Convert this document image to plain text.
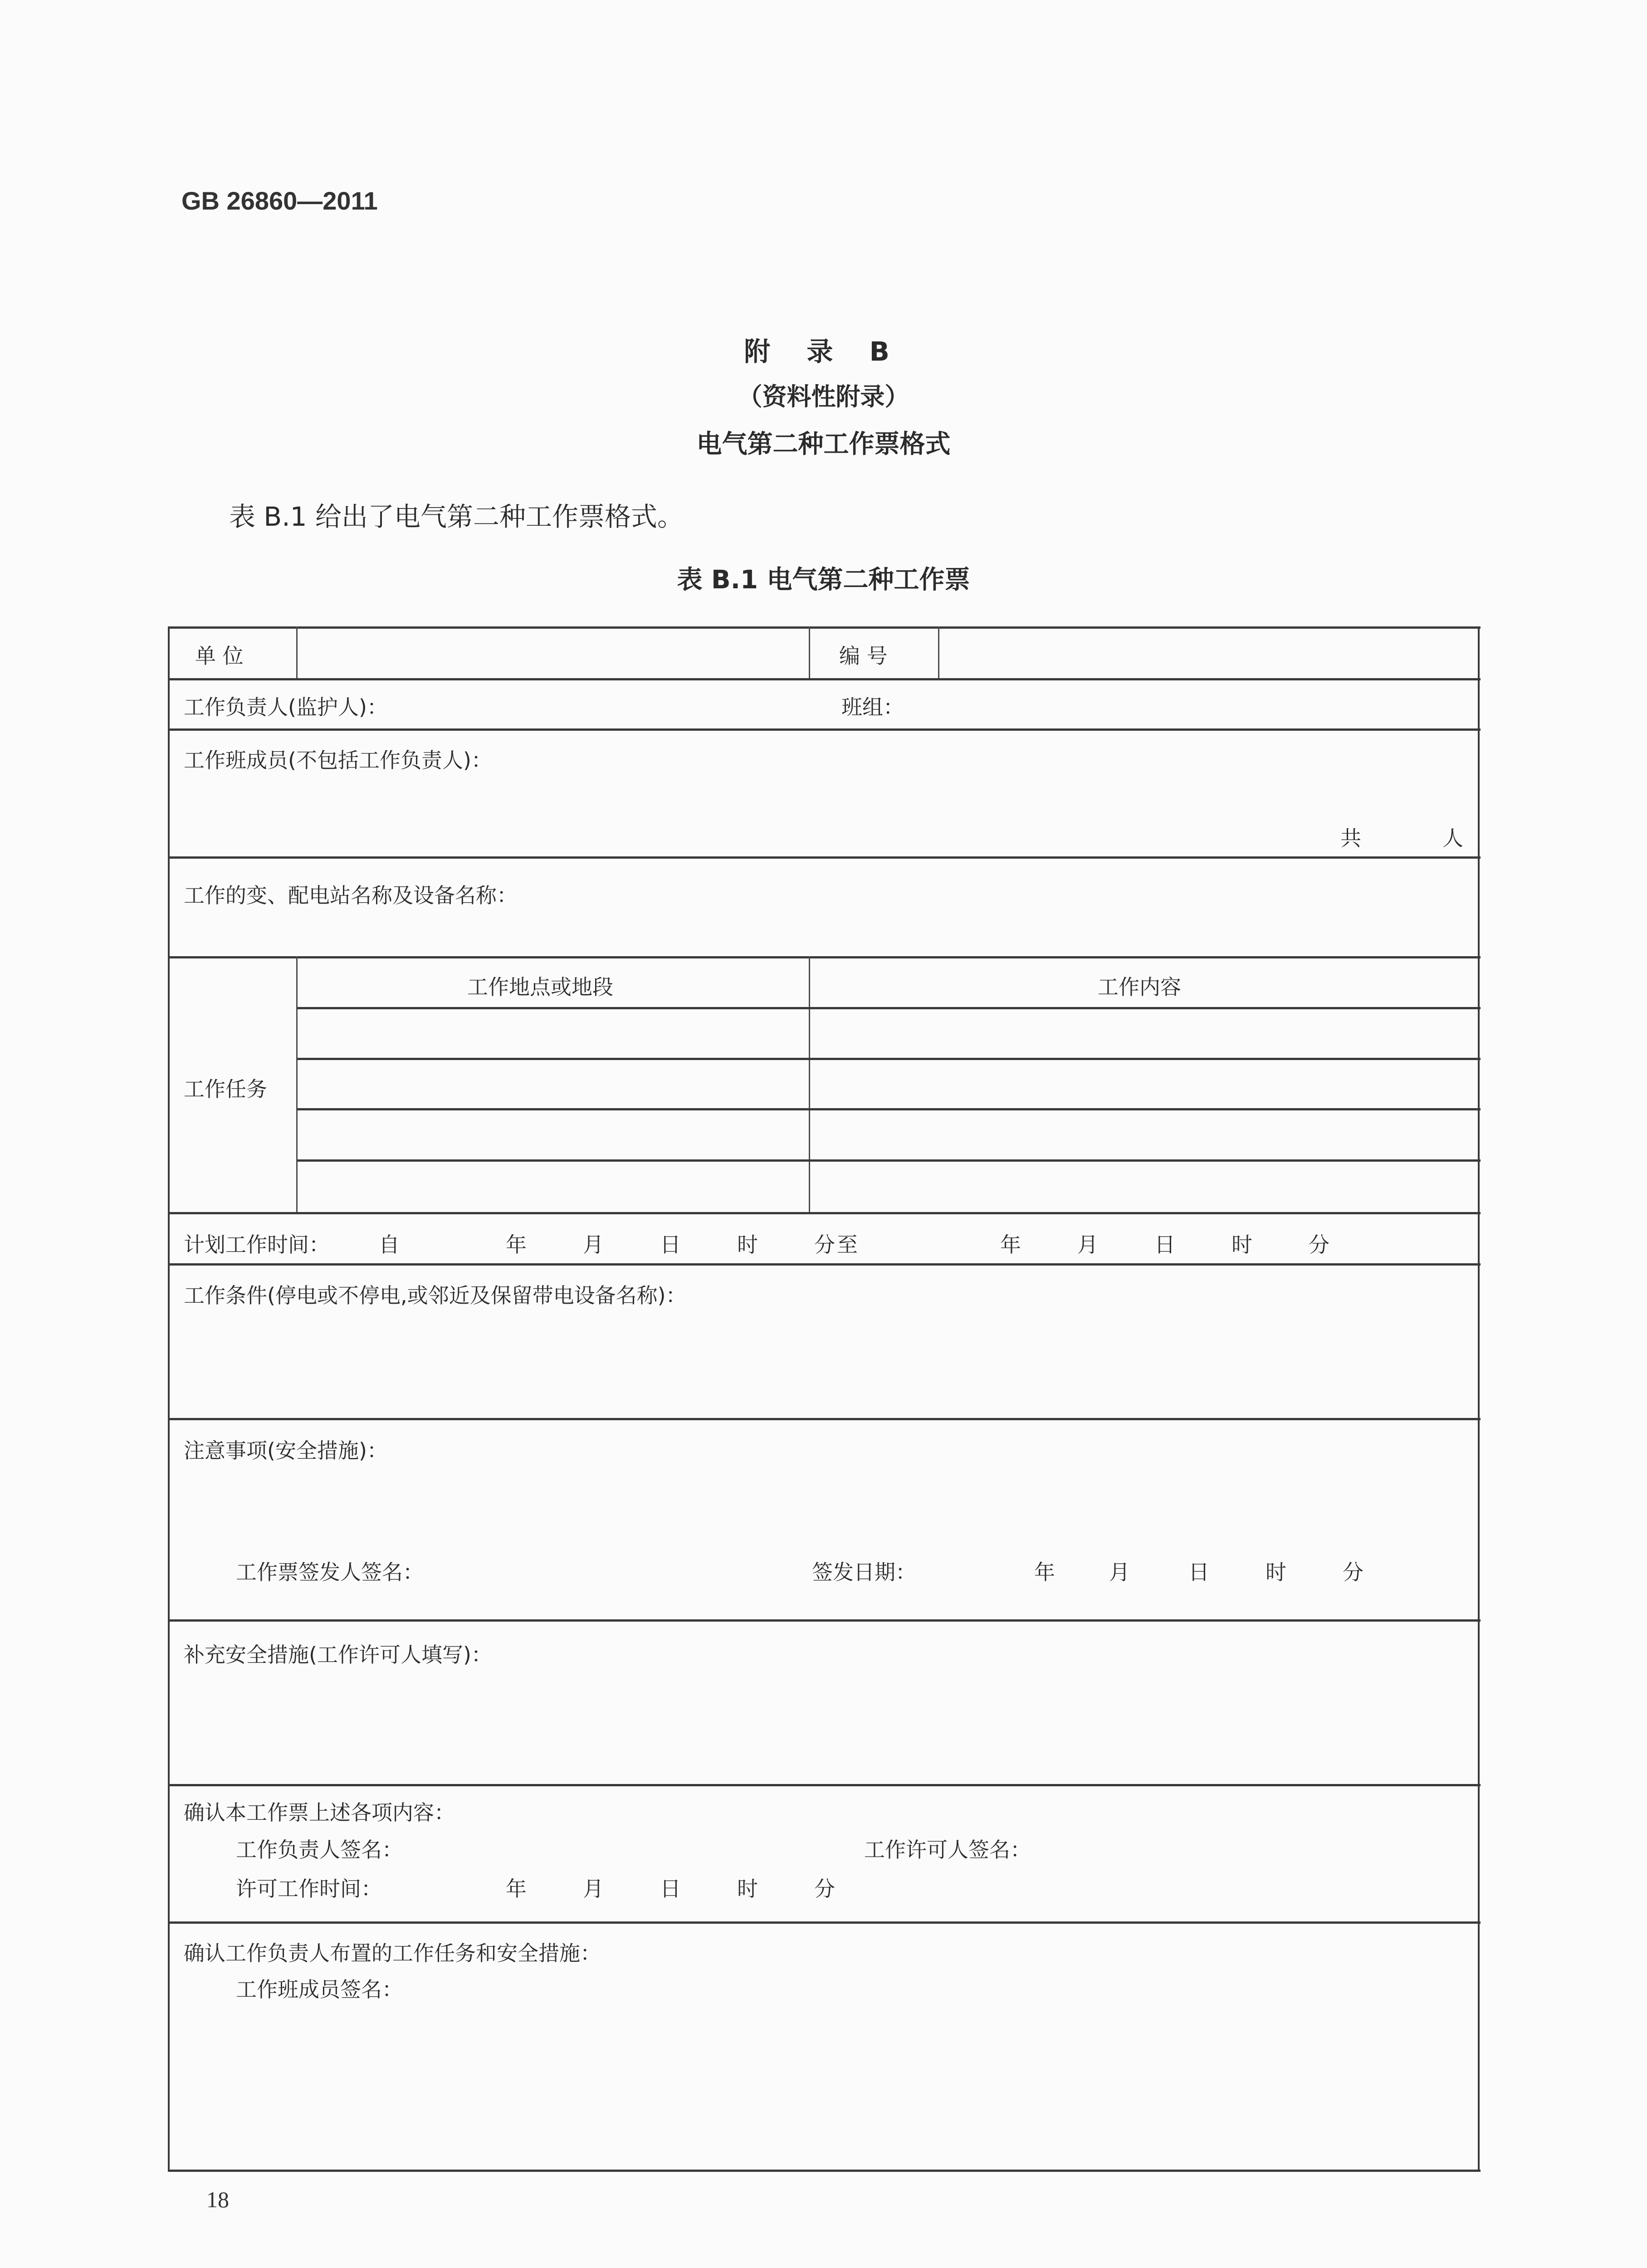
GB 26860—2011
附 录 B
（资料性附录）
电气第二种工作票格式
表 B.1 给出了电气第二种工作票格式。
表 B.1 电气第二种工作票
单 位	编 号
工作负责人(监护人)：	班组：
工作班成员(不包括工作负责人)：
共	人
工作的变、配电站名称及设备名称：
工作任务
工作地点或地段	工作内容
计划工作时间： 自	年	月	日	时	分 至	年	月	日	时	分
工作条件(停电或不停电,或邻近及保留带电设备名称)：
注意事项(安全措施)：
工作票签发人签名：	签发日期：	年	月	日	时	分
补充安全措施(工作许可人填写)：
确认本工作票上述各项内容：
工作负责人签名：	工作许可人签名：
许可工作时间：	年	月	日	时	分
确认工作负责人布置的工作任务和安全措施：
工作班成员签名：
18
